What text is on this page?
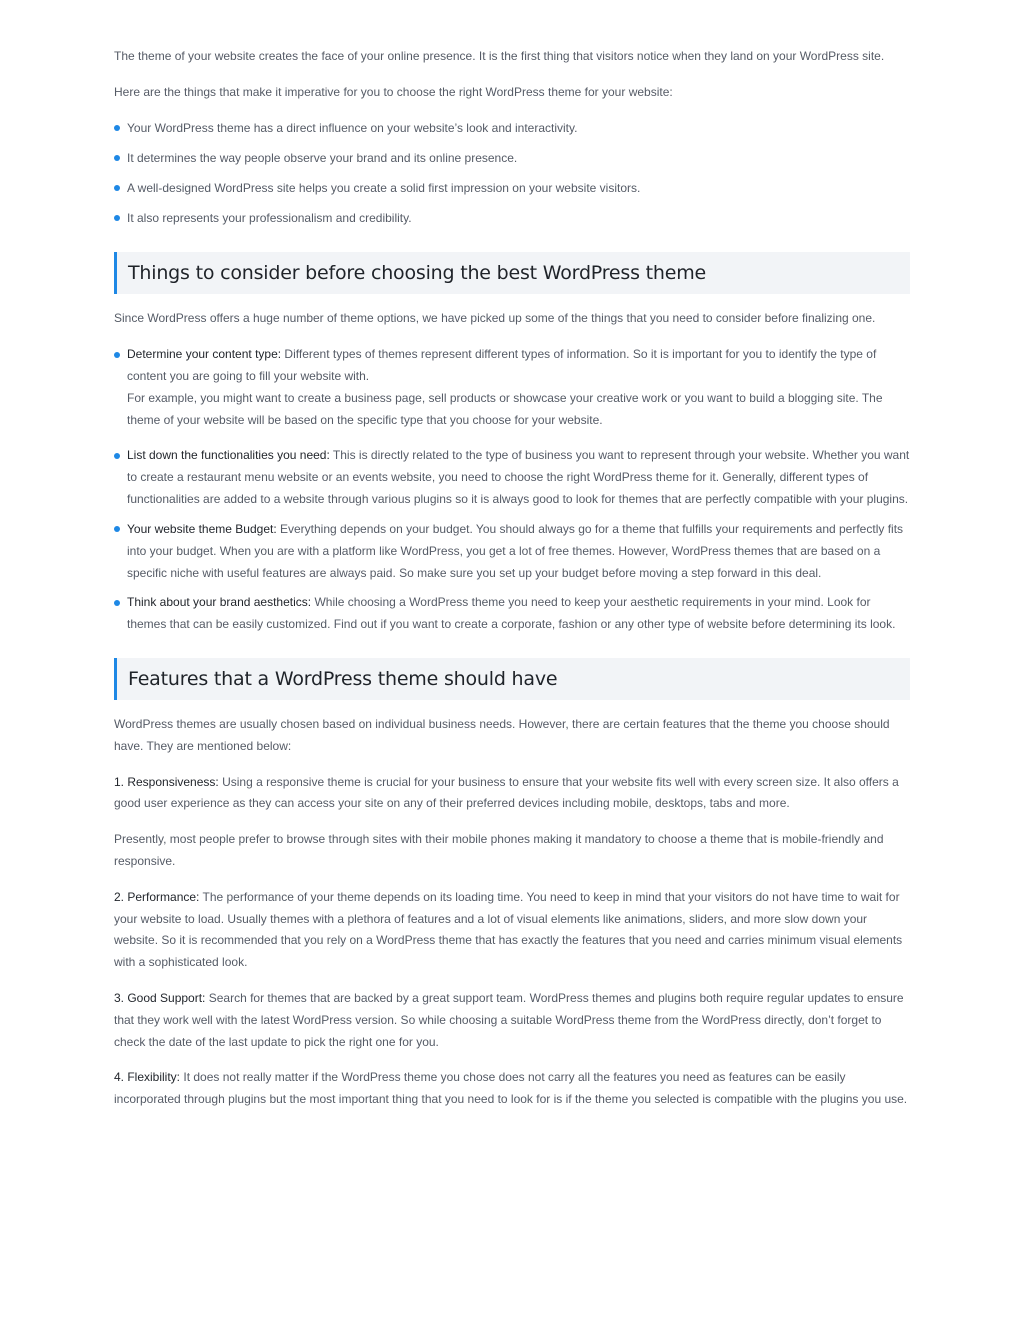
The theme of your website creates the face of your online presence. It is the first thing that visitors notice when they land on your WordPress site.

Here are the things that make it imperative for you to choose the right WordPress theme for your website:

Your WordPress theme has a direct influence on your website’s look and interactivity.
It determines the way people observe your brand and its online presence.
A well-designed WordPress site helps you create a solid first impression on your website visitors.
It also represents your professionalism and credibility.
Things to consider before choosing the best WordPress theme

Since WordPress offers a huge number of theme options, we have picked up some of the things that you need to consider before finalizing one.

Determine your content type: Different types of themes represent different types of information. So it is important for you to identify the type of content you are going to fill your website with.
For example, you might want to create a business page, sell products or showcase your creative work or you want to build a blogging site. The theme of your website will be based on the specific type that you choose for your website.
List down the functionalities you need: This is directly related to the type of business you want to represent through your website. Whether you want to create a restaurant menu website or an events website, you need to choose the right WordPress theme for it. Generally, different types of functionalities are added to a website through various plugins so it is always good to look for themes that are perfectly compatible with your plugins.
Your website theme Budget: Everything depends on your budget. You should always go for a theme that fulfills your requirements and perfectly fits into your budget. When you are with a platform like WordPress, you get a lot of free themes. However, WordPress themes that are based on a specific niche with useful features are always paid. So make sure you set up your budget before moving a step forward in this deal.
Think about your brand aesthetics: While choosing a WordPress theme you need to keep your aesthetic requirements in your mind. Look for themes that can be easily customized. Find out if you want to create a corporate, fashion or any other type of website before determining its look.
Features that a WordPress theme should have

WordPress themes are usually chosen based on individual business needs. However, there are certain features that the theme you choose should have. They are mentioned below:

1. Responsiveness: Using a responsive theme is crucial for your business to ensure that your website fits well with every screen size. It also offers a good user experience as they can access your site on any of their preferred devices including mobile, desktops, tabs and more.

Presently, most people prefer to browse through sites with their mobile phones making it mandatory to choose a theme that is mobile-friendly and responsive.

2. Performance: The performance of your theme depends on its loading time. You need to keep in mind that your visitors do not have time to wait for your website to load. Usually themes with a plethora of features and a lot of visual elements like animations, sliders, and more slow down your website. So it is recommended that you rely on a WordPress theme that has exactly the features that you need and carries minimum visual elements with a sophisticated look.

3. Good Support: Search for themes that are backed by a great support team. WordPress themes and plugins both require regular updates to ensure that they work well with the latest WordPress version. So while choosing a suitable WordPress theme from the WordPress directly, don’t forget to check the date of the last update to pick the right one for you.

4. Flexibility: It does not really matter if the WordPress theme you chose does not carry all the features you need as features can be easily incorporated through plugins but the most important thing that you need to look for is if the theme you selected is compatible with the plugins you use.
